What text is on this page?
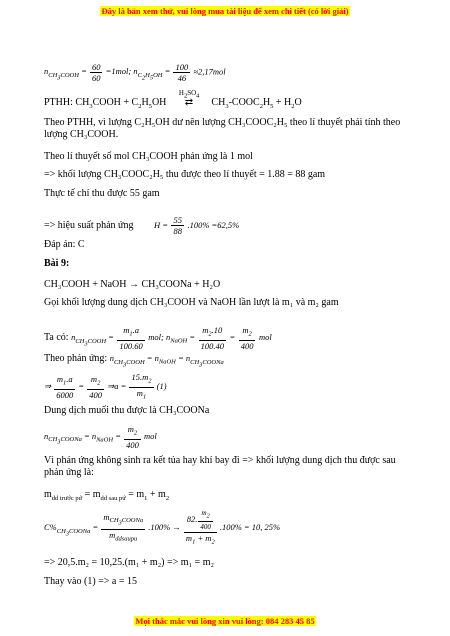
Đây là bản xem thử, vui lòng mua tài liệu để xem chi tiết (có lời giải)
$n_{CH_3COOH} = \frac{60}{60} =1mol$; $n_{C_2H_5OH} = \frac{100}{46} \approx 2,17mol$
PTHH: $CH_3COOH + C_2H_5OH$
$H_2SO_4$
⇄ $CH_3-COOC_2H_5 + H_2O$
Theo PTHH, vì lượng C₂H₅OH dư nên lượng CH₃COOC₂H₅ theo lí thuyết phải tính theo lượng CH₃COOH.
Theo lí thuyết số mol CH₃COOH phản ứng là 1 mol
=> khối lượng CH₃COOC₂H₅ thu được theo lí thuyết = 1.88 = 88 gam
Thực tế chỉ thu được 55 gam
=> hiệu suất phản ứng $H = \frac{55}{88} .100\% =62,5\%$
Đáp án: C
Bài 9:
CH₃COOH + NaOH → CH₃COONa + H₂O
Gọi khối lượng dung dịch CH₃COOH và NaOH lần lượt là m₁ và m₂ gam
Ta có: $n_{CH_3COOH} = \frac{m_1.a}{100.60}$ mol; $n_{NaOH} = \frac{m_2.10}{100.40} = \frac{m_2}{400}$ mol
Theo phản ứng: $n_{CH_3COOH} = n_{NaOH} = n_{CH_3COONa}$
⇒ $\frac{m_1.a}{6000} = \frac{m_2}{400}$ ⇒a = $\frac{15.m_2}{m_1} (1)$
Dung dịch muối thu được là CH₃COONa
$n_{CH_3COONa} = n_{NaOH} = \frac{m_2}{400}$ mol
Vì phản ứng không sinh ra kết tủa hay khí bay đi => khối lượng dung dịch thu được sau phản ứng là:
$m_{dd trước pứ} = m_{dd sau pứ} = m_1 + m_2$
$C\%_{CH_3COONa} = \frac{m_{CH_3COONa}}{m_{ddsaupu}} .100\% \to \frac{82. \frac{m_2}{400}}{m_1 + m_2} .100\% = 10$, 25%
=> 20,5.m₂ = 10,25.(m₁ + m₂) => m₁ = m₂
Thay vào (1) => a = 15
Mọi thắc mắc vui lòng xin vui lòng: 084 283 45 85
